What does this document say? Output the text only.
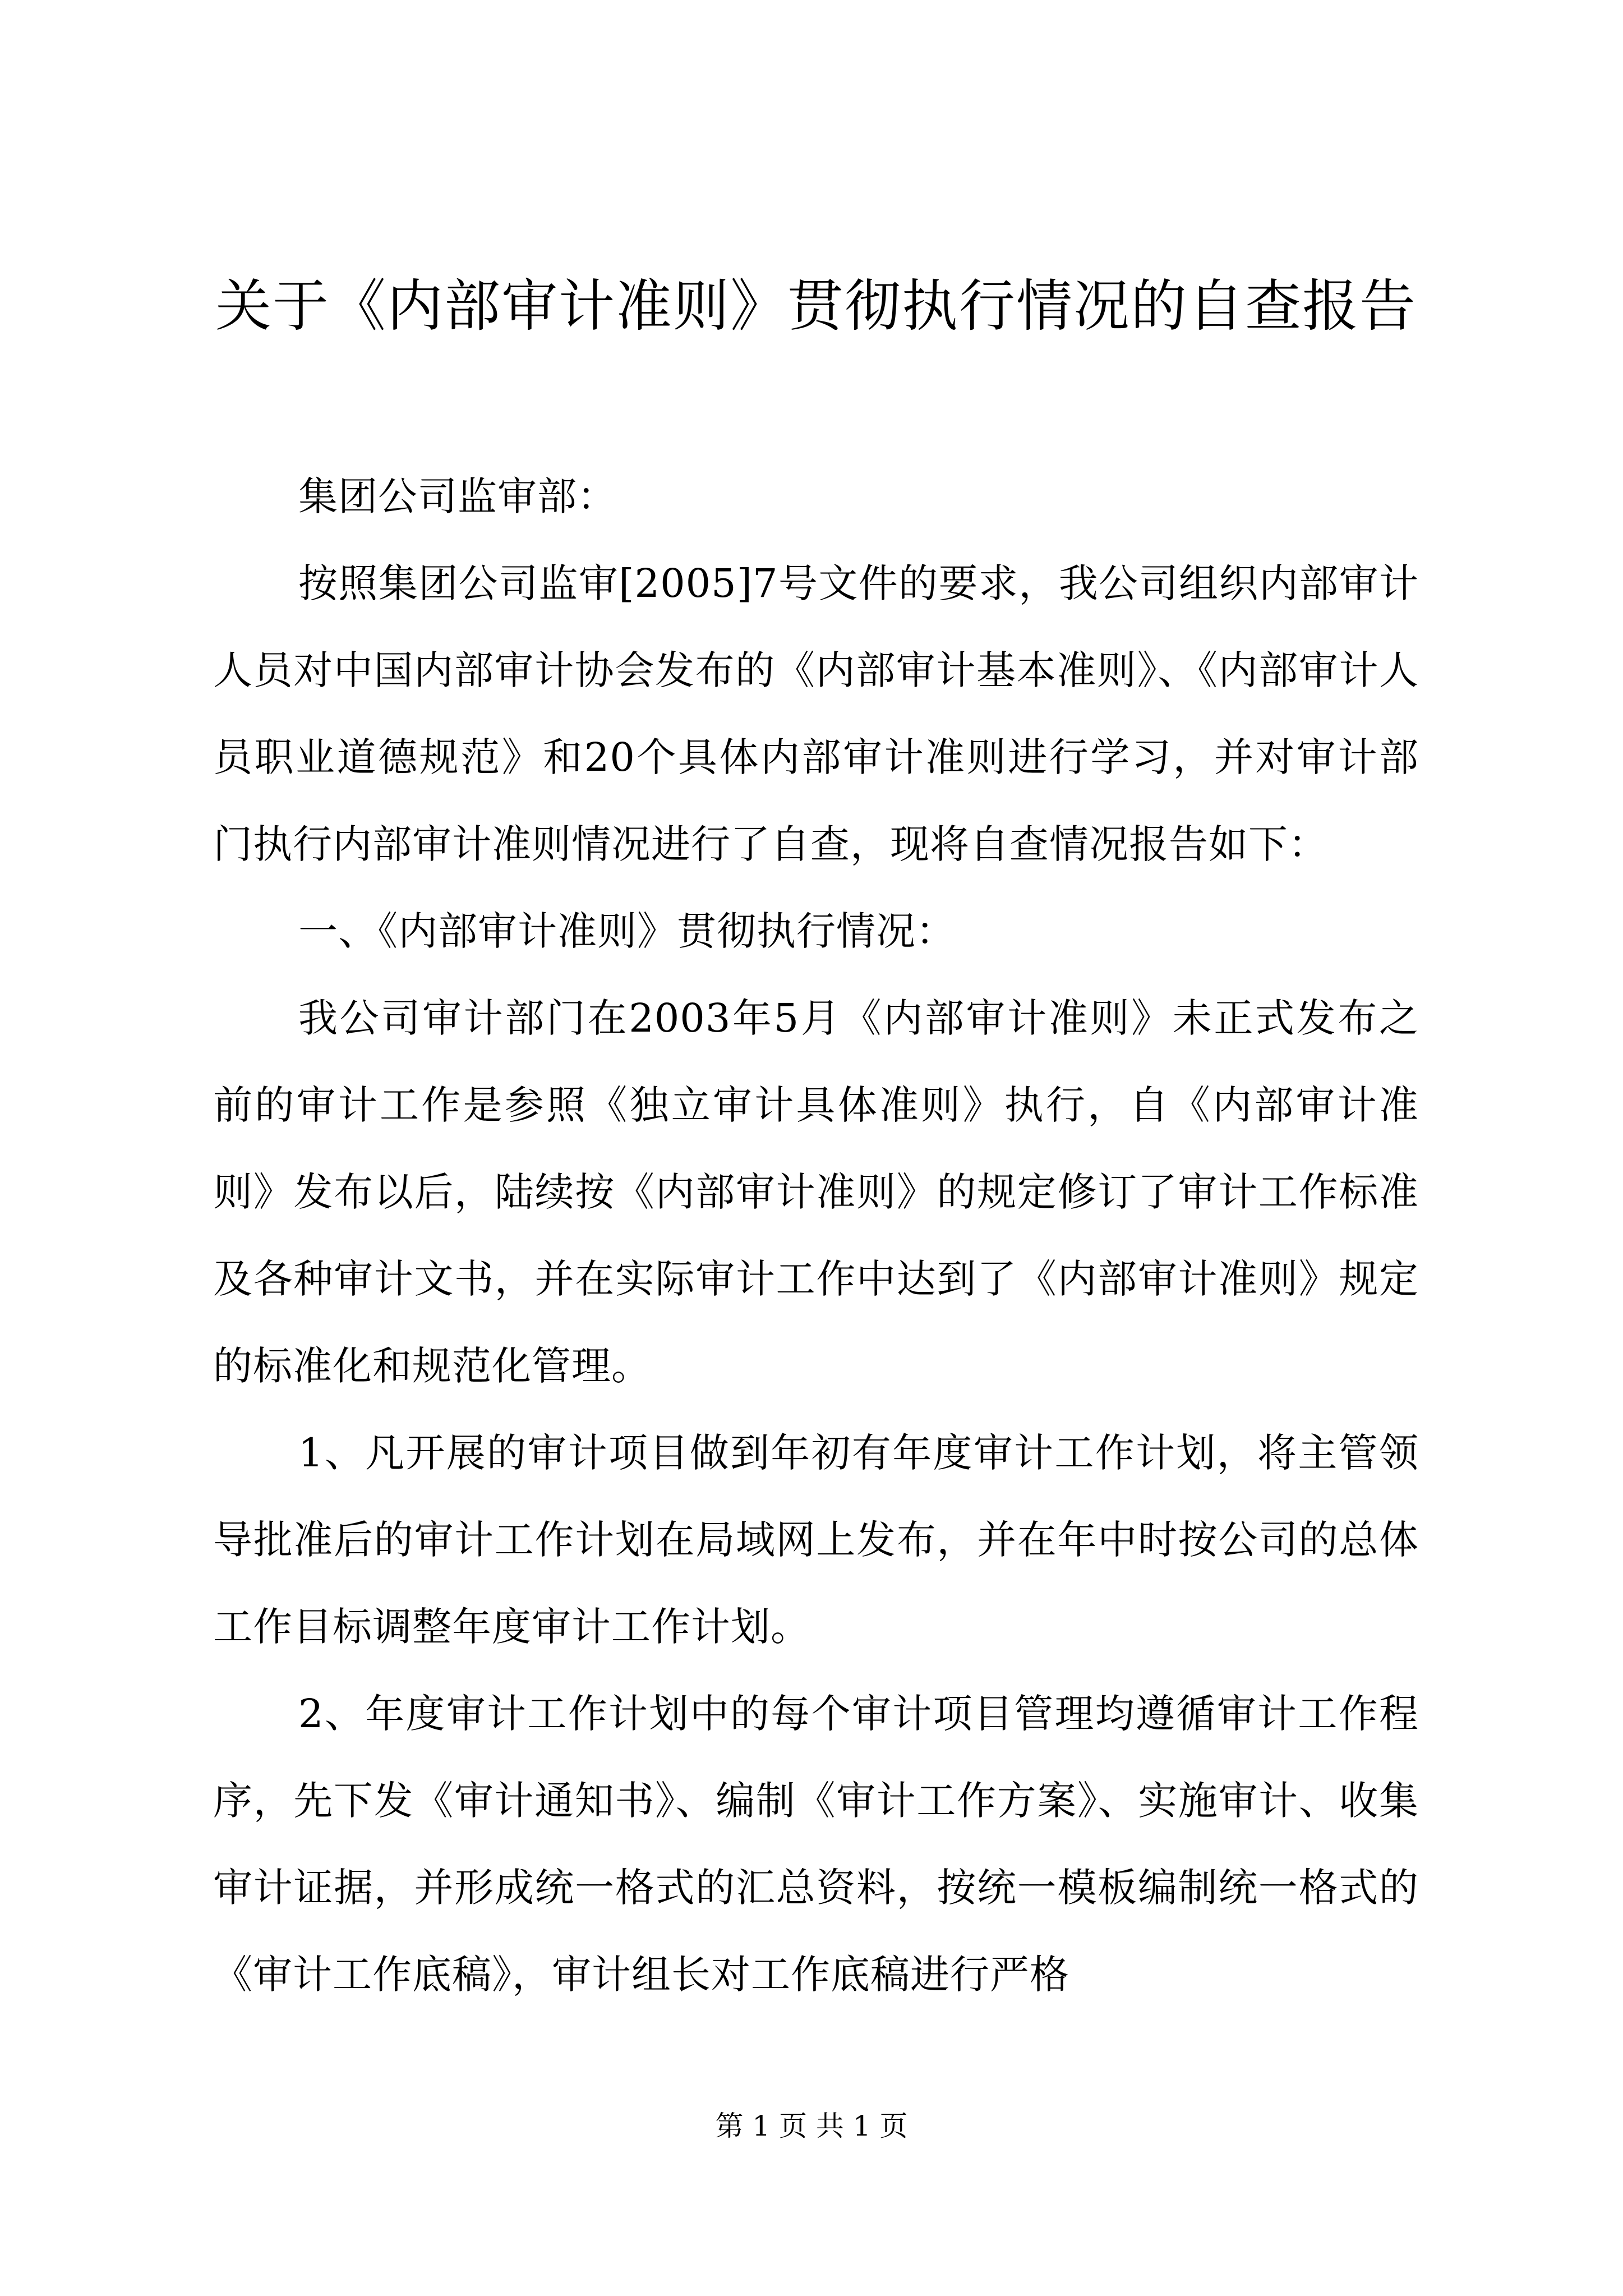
关于《内部审计准则》贯彻执行情况的自查报告

集团公司监审部：

按照集团公司监审[2005]7号文件的要求，我公司组织内部审计人员对中国内部审计协会发布的《内部审计基本准则》、《内部审计人员职业道德规范》和20个具体内部审计准则进行学习，并对审计部门执行内部审计准则情况进行了自查，现将自查情况报告如下：

一、《内部审计准则》贯彻执行情况：

我公司审计部门在2003年5月《内部审计准则》未正式发布之前的审计工作是参照《独立审计具体准则》执行，自《内部审计准则》发布以后，陆续按《内部审计准则》的规定修订了审计工作标准及各种审计文书，并在实际审计工作中达到了《内部审计准则》规定的标准化和规范化管理。

1、凡开展的审计项目做到年初有年度审计工作计划，将主管领导批准后的审计工作计划在局域网上发布，并在年中时按公司的总体工作目标调整年度审计工作计划。

2、年度审计工作计划中的每个审计项目管理均遵循审计工作程序，先下发《审计通知书》、编制《审计工作方案》、实施审计、收集审计证据，并形成统一格式的汇总资料，按统一模板编制统一格式的《审计工作底稿》，审计组长对工作底稿进行严格

第 1 页 共 1 页
